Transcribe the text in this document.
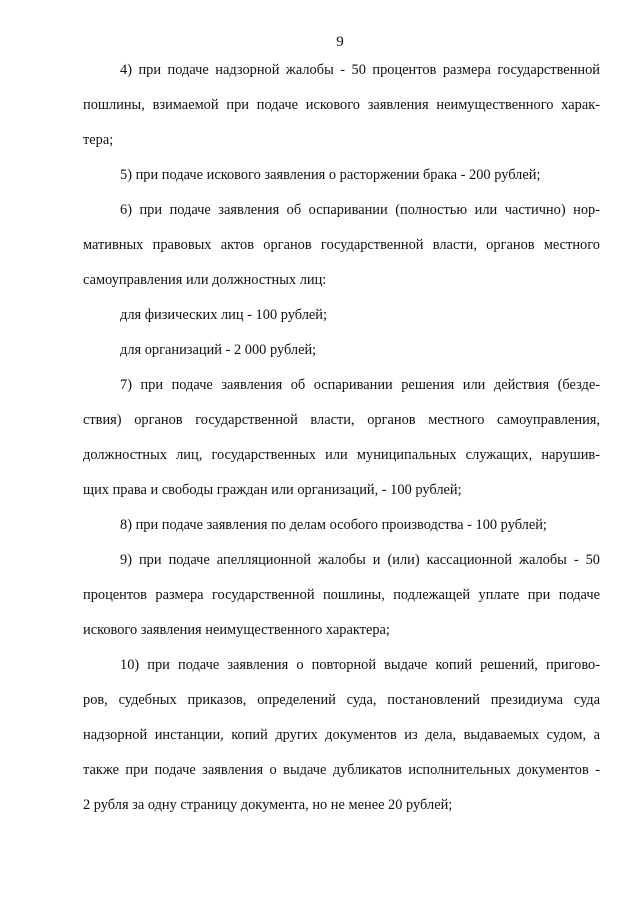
9
4) при подаче надзорной жалобы - 50 процентов размера государственной
пошлины, взимаемой при подаче искового заявления неимущественного харак-
тера;
5) при подаче искового заявления о расторжении брака - 200 рублей;
6) при подаче заявления об оспаривании (полностью или частично) нор-
мативных правовых актов органов государственной власти, органов местного
самоуправления или должностных лиц:
для физических лиц - 100 рублей;
для организаций - 2 000 рублей;
7) при подаче заявления об оспаривании решения или действия (безде-
ствия) органов государственной власти, органов местного самоуправления,
должностных лиц, государственных или муниципальных служащих, нарушив-
щих права и свободы граждан или организаций, - 100 рублей;
8) при подаче заявления по делам особого производства - 100 рублей;
9) при подаче апелляционной жалобы и (или) кассационной жалобы - 50
процентов размера государственной пошлины, подлежащей уплате при подаче
искового заявления неимущественного характера;
10) при подаче заявления о повторной выдаче копий решений, пригово-
ров, судебных приказов, определений суда, постановлений президиума суда
надзорной инстанции, копий других документов из дела, выдаваемых судом, а
также при подаче заявления о выдаче дубликатов исполнительных документов -
2 рубля за одну страницу документа, но не менее 20 рублей;
